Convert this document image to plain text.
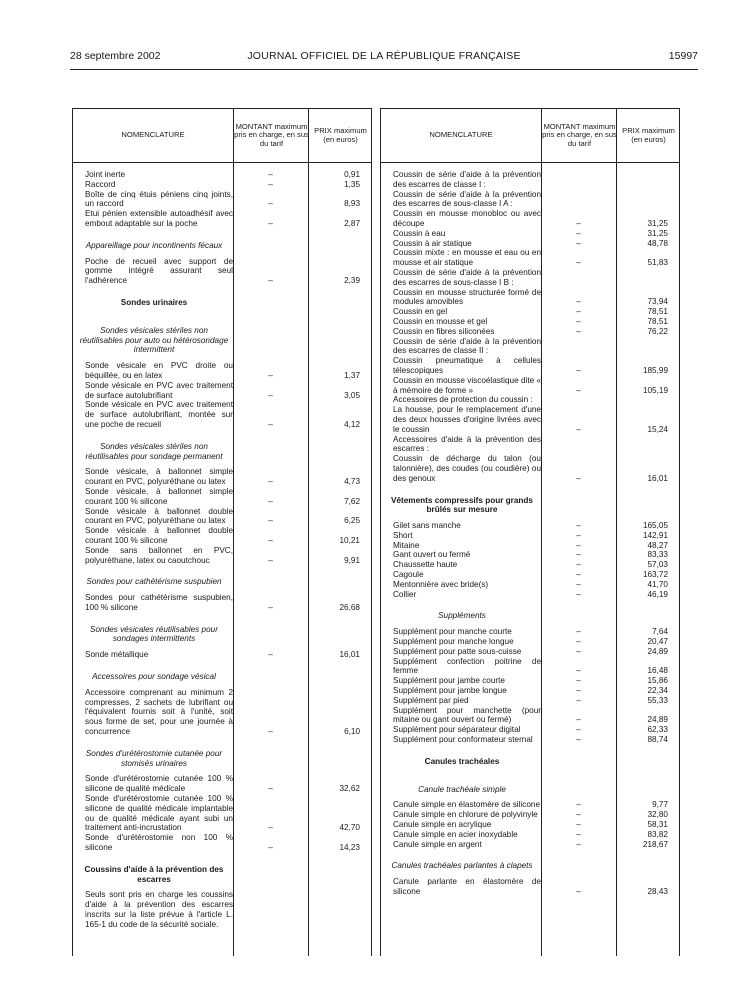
28 septembre 2002	JOURNAL OFFICIEL DE LA RÉPUBLIQUE FRANÇAISE	15997
NOMENCLATURE
MONTANT maximum pris en charge, en sus du tarif
PRIX maximum (en euros)
Joint inerte	–	0,91
Raccord	–	1,35
Boîte de cinq étuis péniens cinq joints, un raccord	–	8,93
Etui pénien extensible autoadhésif avec embout adaptable sur la poche	–	2,87
Appareillage pour incontinents fécaux
Poche de recueil avec support de gomme intégré assurant seul l'adhérence	–	2,39
Sondes urinaires
Sondes vésicales stériles non réutilisables pour auto ou hétérosondage intermittent
Sonde vésicale en PVC droite ou béquillée, ou en latex	–	1,37
Sonde vésicale en PVC avec traitement de surface autolubrifiant	–	3,05
Sonde vésicale en PVC avec traitement de surface autolubrifiant, montée sur une poche de recueil	–	4,12
Sondes vésicales stériles non réutilisables pour sondage permanent
Sonde vésicale, à ballonnet simple courant en PVC, polyuréthane ou latex	–	4,73
Sonde vésicale, à ballonnet simple courant 100 % silicone	–	7,62
Sonde vésicale à ballonnet double courant en PVC, polyuréthane ou latex	–	6,25
Sonde vésicale à ballonnet double courant 100 % silicone	–	10,21
Sonde sans ballonnet en PVC, polyuréthane, latex ou caoutchouc	–	9,91
Sondes pour cathétérisme suspubien
Sondes pour cathétérisme suspubien, 100 % silicone	–	26,68
Sondes vésicales réutilisables pour sondages intermittents
Sonde métallique	–	16,01
Accessoires pour sondage vésical
Accessoire comprenant au minimum 2 compresses, 2 sachets de lubrifiant ou l'équivalent fournis soit à l'unité, soit sous forme de set, pour une journée à concurrence	–	6,10
Sondes d'urétérostomie cutanée pour stomisés urinaires
Sonde d'urétérostomie cutanée 100 % silicone de qualité médicale	–	32,62
Sonde d'urétérostomie cutanée 100 % silicone de qualité médicale implantable ou de qualité médicale ayant subi un traitement anti-incrustation	–	42,70
Sonde d'urétérostomie non 100 % silicone	–	14,23
Coussins d'aide à la prévention des escarres
Seuls sont pris en charge les coussins d'aide à la prévention des escarres inscrits sur la liste prévue à l'article L. 165-1 du code de la sécurité sociale.
NOMENCLATURE
MONTANT maximum pris en charge, en sus du tarif
PRIX maximum (en euros)
Coussin de série d'aide à la prévention des escarres de classe I :
Coussin de série d'aide à la prévention des escarres de sous-classe I A :
Coussin en mousse monobloc ou avec découpe	–	31,25
Coussin à eau	–	31,25
Coussin à air statique	–	48,78
Coussin mixte : en mousse et eau ou en mousse et air statique	–	51,83
Coussin de série d'aide à la prévention des escarres de sous-classe I B :
Coussin en mousse structurée formé de modules amovibles	–	73,94
Coussin en gel	–	78,51
Coussin en mousse et gel	–	78,51
Coussin en fibres siliconées	–	76,22
Coussin de série d'aide à la prévention des escarres de classe II :
Coussin pneumatique à cellules télescopiques	–	185,99
Coussin en mousse viscoélastique dite « à mémoire de forme »	–	105,19
Accessoires de protection du coussin :
La housse, pour le remplacement d'une des deux housses d'origine livrées avec le coussin	–	15,24
Accessoires d'aide à la prévention des escarres :
Coussin de décharge du talon (ou talonnière), des coudes (ou coudière) ou des genoux	–	16,01
Vêtements compressifs pour grands brûlés sur mesure
Gilet sans manche	–	165,05
Short	–	142,91
Mitaine	–	48,27
Gant ouvert ou fermé	–	83,33
Chaussette haute	–	57,03
Cagoule	–	163,72
Mentonnière avec bride(s)	–	41,70
Collier	–	46,19
Suppléments
Supplément pour manche courte	–	7,64
Supplément pour manche longue	–	20,47
Supplément pour patte sous-cuisse	–	24,89
Supplément confection poitrine de femme	–	16,48
Supplément pour jambe courte	–	15,86
Supplément pour jambe longue	–	22,34
Supplément par pied	–	55,33
Supplément pour manchette (pour mitaine ou gant ouvert ou fermé)	–	24,89
Supplément pour séparateur digital	–	62,33
Supplément pour conformateur sternal	–	88,74
Canules trachéales
Canule trachéale simple
Canule simple en élastomère de silicone	–	9,77
Canule simple en chlorure de polyvinyle	–	32,80
Canule simple en acrylique	–	58,31
Canule simple en acier inoxydable	–	83,82
Canule simple en argent	–	218,67
Canules trachéales parlantes à clapets
Canule parlante en élastomère de silicone	–	28,43
